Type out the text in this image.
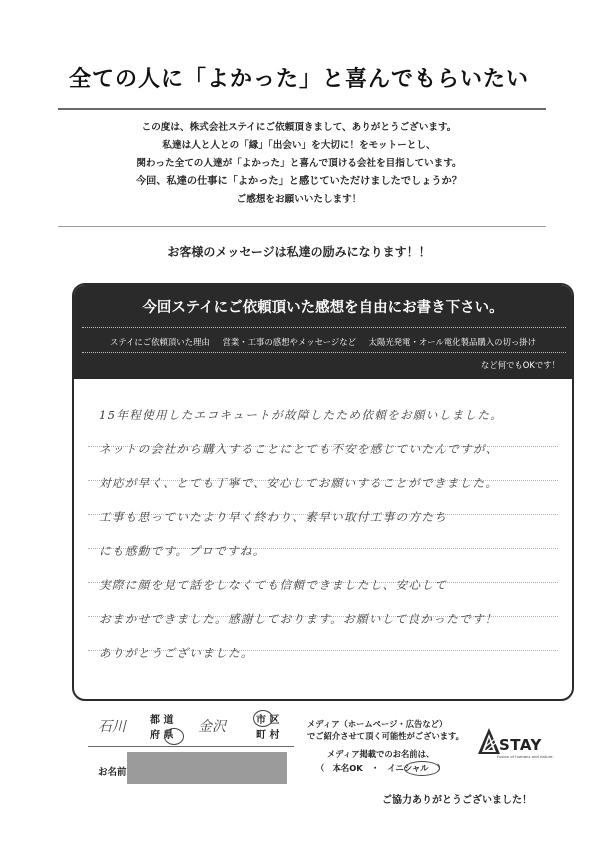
全ての人に「よかった」と喜んでもらいたい
この度は、株式会社ステイにご依頼頂きまして、ありがとうございます。
私達は人と人との「縁」「出会い」を大切に！をモットーとし、
関わった全ての人達が「よかった」と喜んで頂ける会社を目指しています。
今回、私達の仕事に「よかった」と感じていただけましたでしょうか？
ご感想をお願いいたします！
お客様のメッセージは私達の励みになります！！
今回ステイにご依頼頂いた感想を自由にお書き下さい。
ステイにご依頼頂いた理由 営業・工事の感想やメッセージなど 太陽光発電・オール電化製品購入の切っ掛け
など何でもOKです！
15年程使用したエコキュートが故障したため依頼をお願いしました。
ネットの会社から購入することにとても不安を感じていたんですが、
対応が早く、とても丁寧で、安心してお願いすることができました。
工事も思っていたより早く終わり、素早い取付工事の方たち
にも感動です。プロですね。
実際に顔を見て話をしなくても信頼できましたし、安心して
おまかせできました。感謝しております。お願いして良かったです！
ありがとうございました。
石川 都 道
府 県
金沢	市 区
町 村
メディア（ホームページ・広告など）
でご紹介させて頂く可能性がございます。
メディア掲載でのお名前は、
（　本名OK　・　イニシャル　）
STAY
Fusion of humans and nature.
お名前
ご協力ありがとうございました！
